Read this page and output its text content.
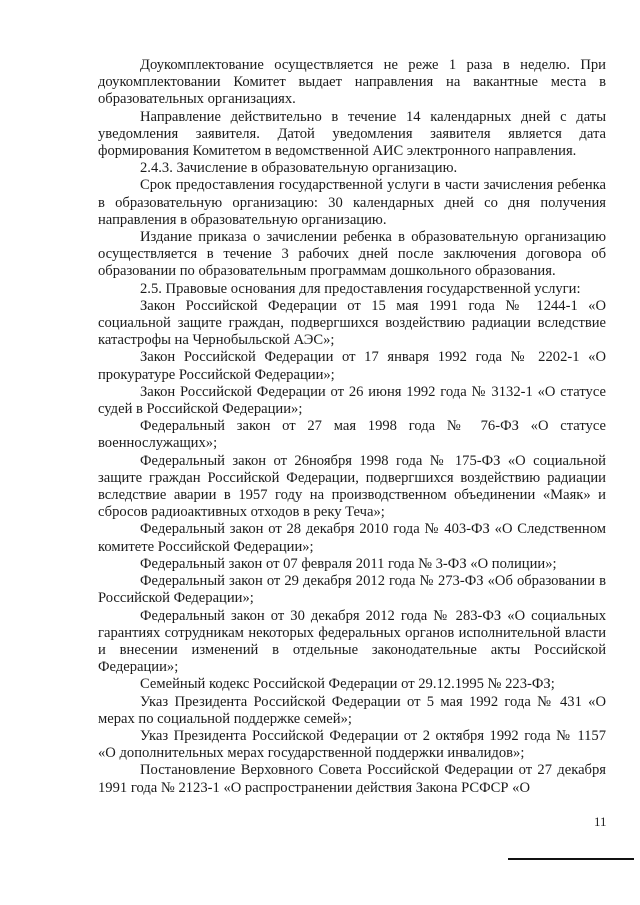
Доукомплектование осуществляется не реже 1 раза в неделю. При доукомплектовании Комитет выдает направления на вакантные места в образовательных организациях.

Направление действительно в течение 14 календарных дней с даты уведомления заявителя. Датой уведомления заявителя является дата формирования Комитетом в ведомственной АИС электронного направления.

2.4.3. Зачисление в образовательную организацию.

Срок предоставления государственной услуги в части зачисления ребенка в образовательную организацию: 30 календарных дней со дня получения направления в образовательную организацию.

Издание приказа о зачислении ребенка в образовательную организацию осуществляется в течение 3 рабочих дней после заключения договора об образовании по образовательным программам дошкольного образования.

2.5. Правовые основания для предоставления государственной услуги:

Закон Российской Федерации от 15 мая 1991 года № 1244-1 «О социальной защите граждан, подвергшихся воздействию радиации вследствие катастрофы на Чернобыльской АЭС»;

Закон Российской Федерации от 17 января 1992 года № 2202-1 «О прокуратуре Российской Федерации»;

Закон Российской Федерации от 26 июня 1992 года № 3132-1 «О статусе судей в Российской Федерации»;

Федеральный закон от 27 мая 1998 года № 76-ФЗ «О статусе военнослужащих»;

Федеральный закон от 26ноября 1998 года № 175-ФЗ «О социальной защите граждан Российской Федерации, подвергшихся воздействию радиации вследствие аварии в 1957 году на производственном объединении «Маяк» и сбросов радиоактивных отходов в реку Теча»;

Федеральный закон от 28 декабря 2010 года № 403-ФЗ «О Следственном комитете Российской Федерации»;

Федеральный закон от 07 февраля 2011 года № 3-ФЗ «О полиции»;

Федеральный закон от 29 декабря 2012 года № 273-ФЗ «Об образовании в Российской Федерации»;

Федеральный закон от 30 декабря 2012 года № 283-ФЗ «О социальных гарантиях сотрудникам некоторых федеральных органов исполнительной власти и внесении изменений в отдельные законодательные акты Российской Федерации»;

Семейный кодекс Российской Федерации от 29.12.1995 № 223-ФЗ;

Указ Президента Российской Федерации от 5 мая 1992 года № 431 «О мерах по социальной поддержке семей»;

Указ Президента Российской Федерации от 2 октября 1992 года № 1157 «О дополнительных мерах государственной поддержки инвалидов»;

Постановление Верховного Совета Российской Федерации от 27 декабря 1991 года № 2123-1 «О распространении действия Закона РСФСР «О

11
